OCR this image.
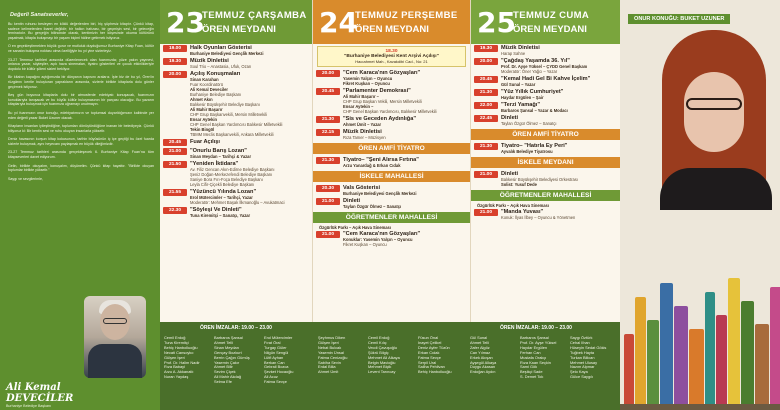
Değerli Sanatseverler,

Bu kentin ruhunu besleyen en köklü değerlerden biri, hiç şüphesiz kitaptır. Çünkü kitap, sadece kelimelerden ibaret değildir; bir halkın hafızası, bir geçmişin sesi, bir geleceğin teminatıdır. Bu gerçeğin bilincinde olarak, kentimizin her köşesinde okuma kültürünü yaşatmak, kitapla buluşmayı bir yaşam biçimi hâline getirmek istiyoruz.

O en geçekleştirmekten büyük gurur ve mutluluk duyduğumuz Burhaniye Kitap Fuarı, kültür ve sanatın buluşma noktası olma özelliğiyle bu yıl yine sizlerleyiz.

23-27 Temmuz tarihleri arasında düzenlenecek olan fuarımızda; yüze yakın yayınevi, onlarca yazar, söyleşiler, açık hava sinemaları, tiyatro gösterileri ve çocuk etkinlikleriyle dopdolu bir kültür şöleni sizleri bekliyor.

Bir kitabın kapağını açtığımızda bir dünyanın kapısını aralarız. İşte biz de bu yıl, Ören'in rüzgârını kentle buluşturan yaprakların arasında, sizlerle birlikte kitaplarla dolu günler geçirmek istiyoruz.

Beş gün boyunca kitaplarla dolu bir atmosferde edebiyatı konuşacak, fuarımızın konuklarıyla tanışacak ve bu büyük kültür buluşmasının bir parçası olacağız. Bu yazarın kitaplarıyla buluşmak için fuarımıza uğramayı unutmayın.

Bu yıl fuarımızın onur konuğu, edebiyatımızın ve toplumsal duyarlılığımızın kalbinde yer eden değerli yazar Buket Uzuner olacak.

Kitapların insanları iyileştirdiğine, toplumları dönüştürdüğüne inanan bir belediyeyiz. Çünkü biliyoruz ki: Bir kentin sesi ve ruhu okuyan insanlarla yükselir.

Deniz havasının kurşun kitap kokusunun, tarihin büyüsünün iç içe geçtiği bu özel fuarda sizlerle buluşmak, aynı heyecanı paylaşmak en büyük dileğimizdir.

23-27 Temmuz tarihleri arasında gerçekleşecek 6. Burhaniye Kitap Fuarı'na tüm kitapseverleri davet ediyorum.

Gelin, birlikte okuyalım, konuşalım, düşünelim. Çünkü kitap hayattır. "Birlikte okuyan toplumlar birlikte yükselir."

Saygı ve sevgilerimle,

Ali Kemal DEVECİLER
Burhaniye Belediye Başkanı
23
TEMMUZ ÇARŞAMBA
ÖREN MEYDANI
19.00	Halk Oyunları Gösterisi
Burhaniye Belediyesi Gençlik Merkezi
19.30	Müzik Dinletisi
Soul Trio – Anastasia, Ufuk, Ozan
20.00	Açılış Konuşmaları
Sinan Karahan
Fuar Koordinatörü
Ali Kemal Deveciler
Burhaniye Belediye Başkanı
Ahmet Akın
Balıkesir Büyükşehir Belediye Başkanı
Ali Mahir Başarır
CHP Grup Başkanvekili, Mersin Milletvekili
Ensar Aytekin
CHP Genel Başkan Yardımcısı Balıkesir Milletvekili
Tekin Bingöl
TBMM Meclis Başkanvekili, Ankara Milletvekili
20.45	Fuar Açılışı
21.00	"Onurlu Barış Lozan"
Sinan Meydan – Tarihçi & Yazar
21.50	"Yeniden İktidara"
Av. Filiz Gencan Akın-Edirne Belediye Başkanı
Şeniz Doğan-Merkezefendi Belediye Başkanı
Saniye Bora Fırı-Foça Belediye Başkanı
Leyla Cifir-Çiçekli Belediye Başkanı
21.55	"Yüzüncü Yılında Lozan"
Erol Mütercimler – Tarihçi, Yazar
Moderatör: Mehmet Başak İlkmanoğlu – Avukatmaci
22.30	"Söyleşi Ve Dinleti"
Tuna Kiremitçi – Sanatçı, Yazar
24
TEMMUZ PERŞEMBE
ÖREN MEYDANI
18.30
"Burhaniye Belediyesi Kent Arşivi Açılışı"
Hacıahmet Mah., Kavakdibi Cad., No: 21
20.00	"Cem Karaca'nın Gözyaşları"
Yasemin Yalçın – Oyuncu
Fikret Kuşkan – Oyuncu
20.45	"Parlamenter Demokrasi"
Ali Mahir Başarır –
CHP Grup Başkan Vekili, Mersin Milletvekili
Ensar Aytekin –
CHP Genel Başkan Yardımcısı, Balıkesir Milletvekili
21.30	"Sis ve Geceden Aydınlığa"
Ahmet Ümit – Yazar
22.15	Müzik Dinletisi
Rıza Tamer – Müzisyen
ÖREN AMFİ TİYATRO
21.30	Tiyatro– "Şeni Alırsa Fırtına"
Arzu Yanardağ & Erkan Cıdak
İSKELE MAHALLESİ
20.30	Vals Gösterisi
Burhaniye Belediyesi Gençlik Merkezi
21.00	Dinleti
Taylan Özgür Ölmez – Sanatçı
ÖĞRETMENLER MAHALLESİ
Özgürlük Parkı – Açık Hava Sineması
21.00	"Cem Karaca'nın Gözyaşları"
Konuklar: Yasemin Yalçın – Oyuncu
Fikret Kuşkan – Oyuncu
25
TEMMUZ CUMA
ÖREN MEYDANI
19.30	Müzik Dinletisi
Harap Sahne
20.00	"Çağdaş Yaşamda 36. Yıl"
Prof. Dr. Ayşe Yüksel – ÇYDD Genel Başkanı
Moderatör: Öner Yağcı – Yazar
20.45	"Kemal Hadi Gel Bi Kahve İçelim"
Gül Sunal – Yazar
21.30	"Yüz Yıllık Cumhuriyet"
Haydar Ergülen – Şair
22.00	"Terzi Yamağı"
Barbaros Şansal – Yazar & Modacı
22.45	Dinleti
Taylan Özgür Ölmez – Sanatçı
ÖREN AMFİ TİYATRO
21.30	Tiyatro– "Hatırla Ey Peri"
Ayvalık Belediye Tiyatrosu
İSKELE MEYDANI
21.00	Dinleti
Balıkesir Büyükşehir Belediyesi Orkestrası
Solist: Yusuf Dede
ÖĞRETMENLER MAHALLESİ
Özgürlük Parkı – Açık Hava Sineması
21.00	"Manda Yuvası"
Konuk: İlyas İlbey – Oyuncu & Yönetmen
ÖREN İMZALAR: 19.00 – 23.00	ÖREN İMZALAR: 19.00 – 23.00
Cemil Erdoğ
Tuna Kiremitçi
Behiç Hanbolluoğlu
Necati Cansoyko
Gülşen İşeri
Prof. Dr. Halim Nadir
Rıza Babayi
Arzu A. Akkanatlı
Nuran Yaydaş
Barbaros Şansal
Ahmet Telli
Sinan Meydan
Gençay Bozkurt
Berrin Çağırı Gümüş
Yasemin Çakır
Ahmet Bilir
Sevim Çiçek
Ali Mahir Akdağ
Selma Efe
Erol Mütercimler
Fırat Öral
Turgay Güler
Nilgün Sengül
Lütfi Ayhan
Berkan Can
Gebrail Bozca
Şevket Hocaoğlu
Ali Acuz
Fatma Sevçe
Şeyhmus Diken
Gülşen İşeri
Nebat Bulcak
Yasemin Ünsal
Fatma Cenizoğlu
Sabiha Sevin
Erdal Bilia
Ahmet Ümit
Cemil Erdoğ
Cemil Kılıç
Vecdi Çavuşoğlu
Şükrü Bilgiç
Mehmet Ali Alkaya
Belgin Mavioğlu
Mehmet Biçik
Levent Tarıncay
Füsun Önal
Inayet Çelikel
Deniz Ayfer Tüzün
Erkan Cıdak
Fatma Sevçe
Serpil Ural
Saliha Pehlivan
Behiç Hanbolluoğlu
Gül Sunal
Ahmet Telli
Zafer Algöz
Can Yılmaz
Erkek Akışan
Ayşegül Alkaya
Duygu Akasan
Erdoğan Aydın
Barbaros Şansal
Prof. Dr. Ayşe Yüksel
Haydar Ergülen
Ferhan Can
Mustafa Orakçı
Rıza Kaan Seçkin
Sami Gök
Beşikçi Sade
S. Demet Tok
Saygı Öztürk
Cehal Ilhan
Hüseyin Sedat Gökis
Tuğbek Hayta
Turkan Bilican
Mehmet Ulusay
Nazım Alpmar
Şelo Kaya
Gülce Saygılı
ONUR KONUĞU: BUKET UZUNER
